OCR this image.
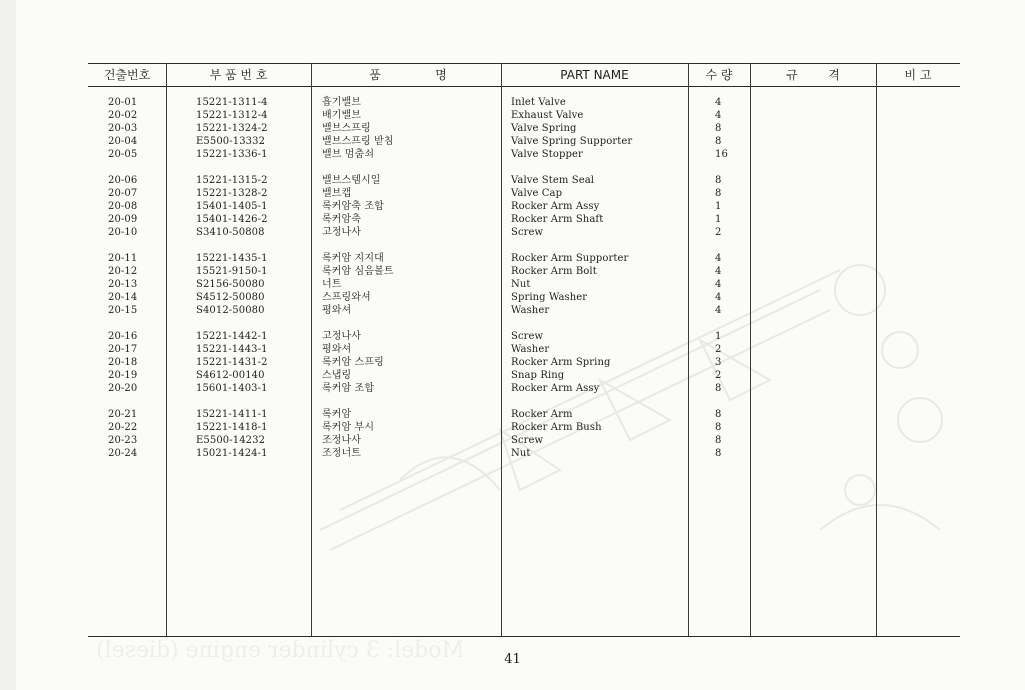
Model: 3 cylinder engine (diesel)
건출번호	부 품 번 호	품	명	PART NAME	수 량	규        격	비 고
20-01	15221-1311-4	흡기밸브	Inlet Valve	4
20-02	15221-1312-4	배기밸브	Exhaust Valve	4
20-03	15221-1324-2	밸브스프링	Valve Spring	8
20-04	E5500-13332	밸브스프링 받침	Valve Spring Supporter	8
20-05	15221-1336-1	밸브 멈춤쇠	Valve Stopper	16
20-06	15221-1315-2	밸브스템시일	Valve Stem Seal	8
20-07	15221-1328-2	밸브캡	Valve Cap	8
20-08	15401-1405-1	록커암축 조합	Rocker Arm Assy	1
20-09	15401-1426-2	록커암축	Rocker Arm Shaft	1
20-10	S3410-50808	고정나사	Screw	2
20-11	15221-1435-1	록커암 지지대	Rocker Arm Supporter	4
20-12	15521-9150-1	록커암 심음볼트	Rocker Arm Bolt	4
20-13	S2156-50080	너트	Nut	4
20-14	S4512-50080	스프링와셔	Spring Washer	4
20-15	S4012-50080	평와셔	Washer	4
20-16	15221-1442-1	고정나사	Screw	1
20-17	15221-1443-1	평와셔	Washer	2
20-18	15221-1431-2	록커암 스프링	Rocker Arm Spring	3
20-19	S4612-00140	스냅링	Snap Ring	2
20-20	15601-1403-1	록커암 조합	Rocker Arm Assy	8
20-21	15221-1411-1	록커암	Rocker Arm	8
20-22	15221-1418-1	록커암 부시	Rocker Arm Bush	8
20-23	E5500-14232	조정나사	Screw	8
20-24	15021-1424-1	조정너트	Nut	8
41
